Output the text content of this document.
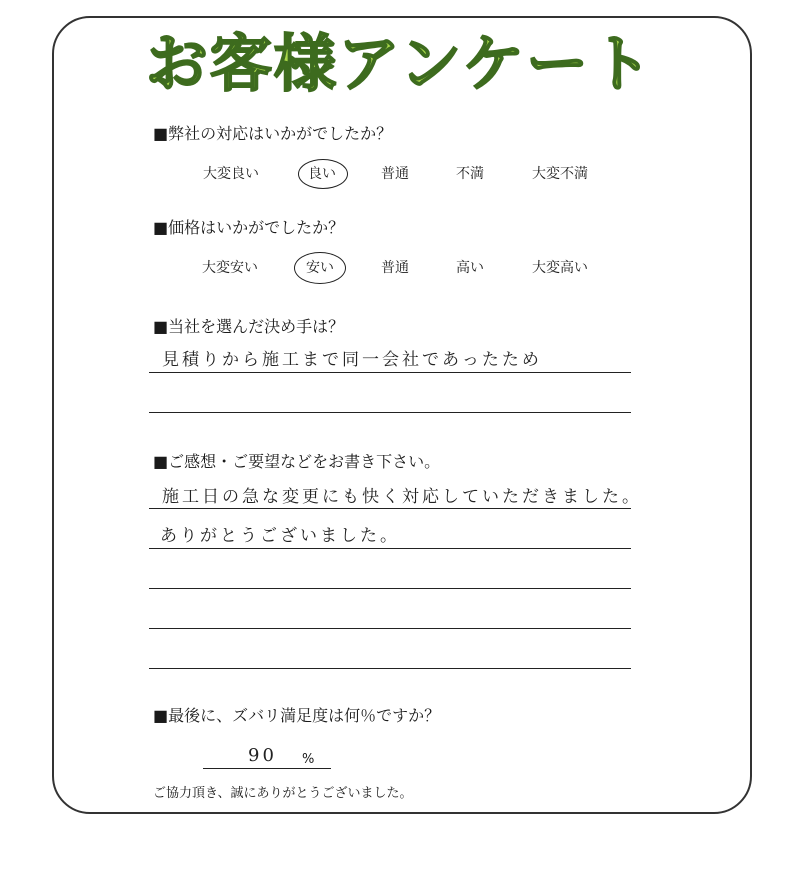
お客様アンケート
■弊社の対応はいかがでしたか？
大変良い	良い	普通	不満	大変不満
■価格はいかがでしたか？
大変安い	安い	普通	高い	大変高い
■当社を選んだ決め手は？
見積りから施工まで同一会社であったため
■ご感想・ご要望などをお書き下さい。
施工日の急な変更にも快く対応していただきました。
ありがとうございました。
■最後に、ズバリ満足度は何％ですか？
90 %
ご協力頂き、誠にありがとうございました。
